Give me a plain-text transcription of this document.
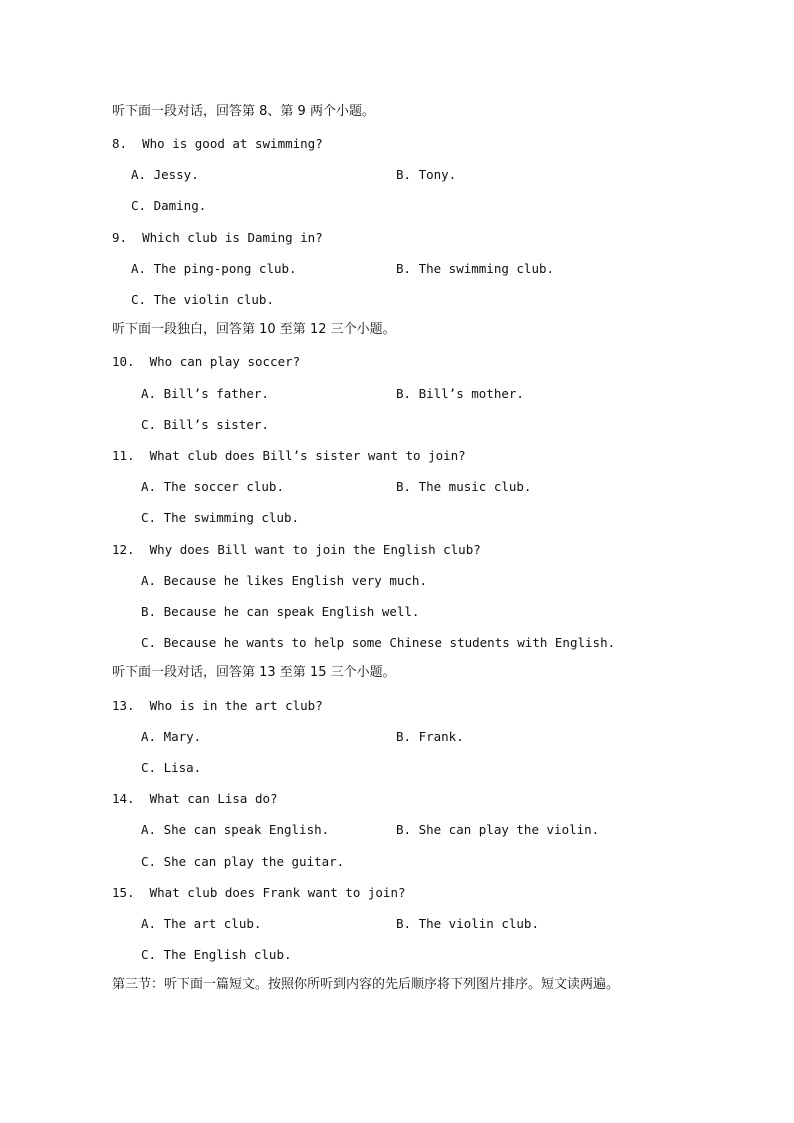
听下面一段对话，回答第 8、第 9 两个小题。
8.  Who is good at swimming?
A. Jessy.	B. Tony.
C. Daming.
9.  Which club is Daming in?
A. The ping-pong club.	B. The swimming club.
C. The violin club.
听下面一段独白，回答第 10 至第 12 三个小题。
10.  Who can play soccer?
A. Bill’s father.	B. Bill’s mother.
C. Bill’s sister.
11.  What club does Bill’s sister want to join?
A. The soccer club.	B. The music club.
C. The swimming club.
12.  Why does Bill want to join the English club?
A. Because he likes English very much.
B. Because he can speak English well.
C. Because he wants to help some Chinese students with English.
听下面一段对话，回答第 13 至第 15 三个小题。
13.  Who is in the art club?
A. Mary.	B. Frank.
C. Lisa.
14.  What can Lisa do?
A. She can speak English.	B. She can play the violin.
C. She can play the guitar.
15.  What club does Frank want to join?
A. The art club.	B. The violin club.
C. The English club.
第三节：听下面一篇短文。按照你所听到内容的先后顺序将下列图片排序。短文读两遍。
